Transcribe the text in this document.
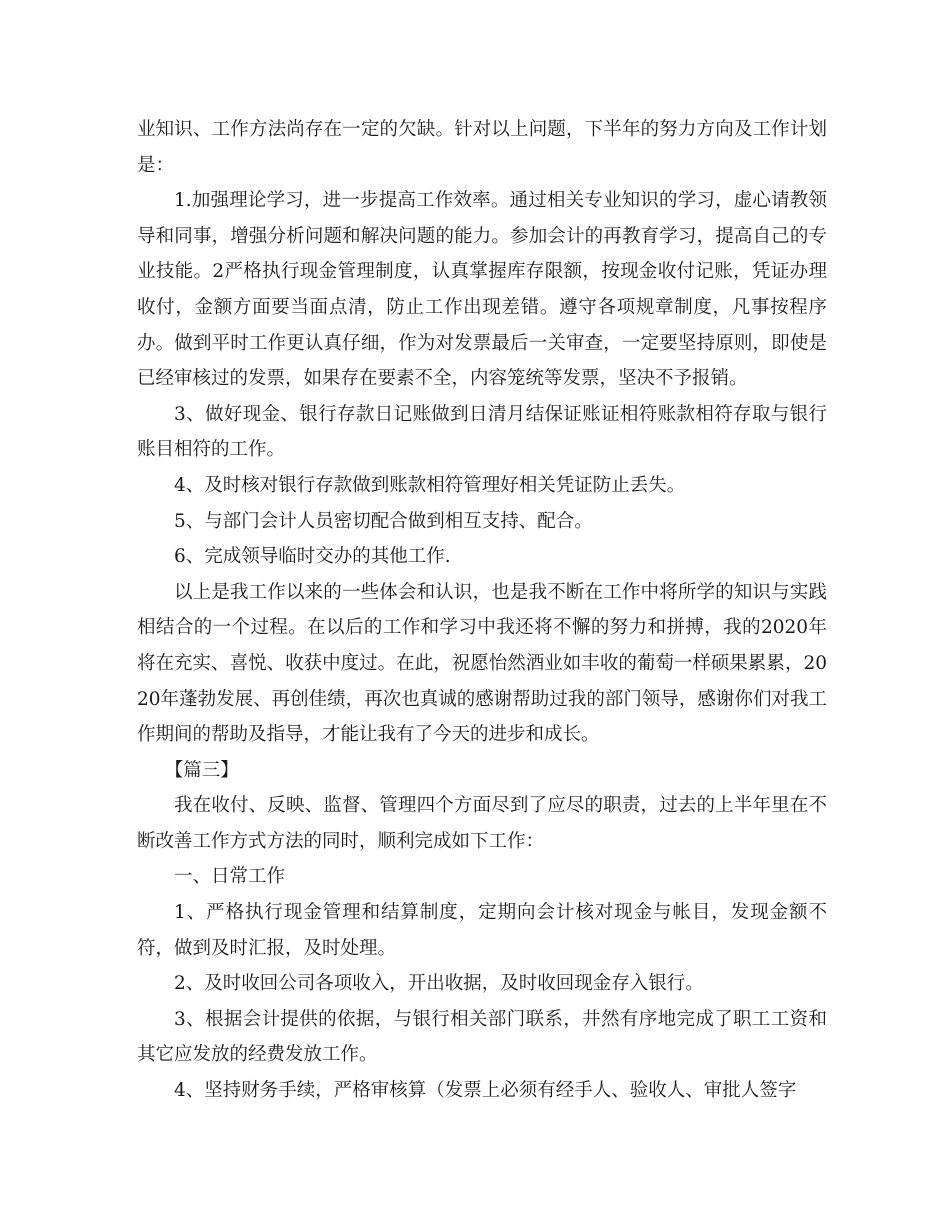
业知识、工作方法尚存在一定的欠缺。针对以上问题，下半年的努力方向及工作计划是：

1.加强理论学习，进一步提高工作效率。通过相关专业知识的学习，虚心请教领导和同事，增强分析问题和解决问题的能力。参加会计的再教育学习，提高自己的专业技能。2严格执行现金管理制度，认真掌握库存限额，按现金收付记账，凭证办理收付，金额方面要当面点清，防止工作出现差错。遵守各项规章制度，凡事按程序办。做到平时工作更认真仔细，作为对发票最后一关审查，一定要坚持原则，即使是已经审核过的发票，如果存在要素不全，内容笼统等发票，坚决不予报销。

3、做好现金、银行存款日记账做到日清月结保证账证相符账款相符存取与银行账目相符的工作。

4、及时核对银行存款做到账款相符管理好相关凭证防止丢失。

5、与部门会计人员密切配合做到相互支持、配合。

6、完成领导临时交办的其他工作.

以上是我工作以来的一些体会和认识，也是我不断在工作中将所学的知识与实践相结合的一个过程。在以后的工作和学习中我还将不懈的努力和拼搏，我的2020年将在充实、喜悦、收获中度过。在此，祝愿怡然酒业如丰收的葡萄一样硕果累累，2020年蓬勃发展、再创佳绩，再次也真诚的感谢帮助过我的部门领导，感谢你们对我工作期间的帮助及指导，才能让我有了今天的进步和成长。

【篇三】

我在收付、反映、监督、管理四个方面尽到了应尽的职责，过去的上半年里在不断改善工作方式方法的同时，顺利完成如下工作：

一、日常工作

1、严格执行现金管理和结算制度，定期向会计核对现金与帐目，发现金额不符，做到及时汇报，及时处理。

2、及时收回公司各项收入，开出收据，及时收回现金存入银行。

3、根据会计提供的依据，与银行相关部门联系，井然有序地完成了职工工资和其它应发放的经费发放工作。

4、坚持财务手续，严格审核算（发票上必须有经手人、验收人、审批人签字
